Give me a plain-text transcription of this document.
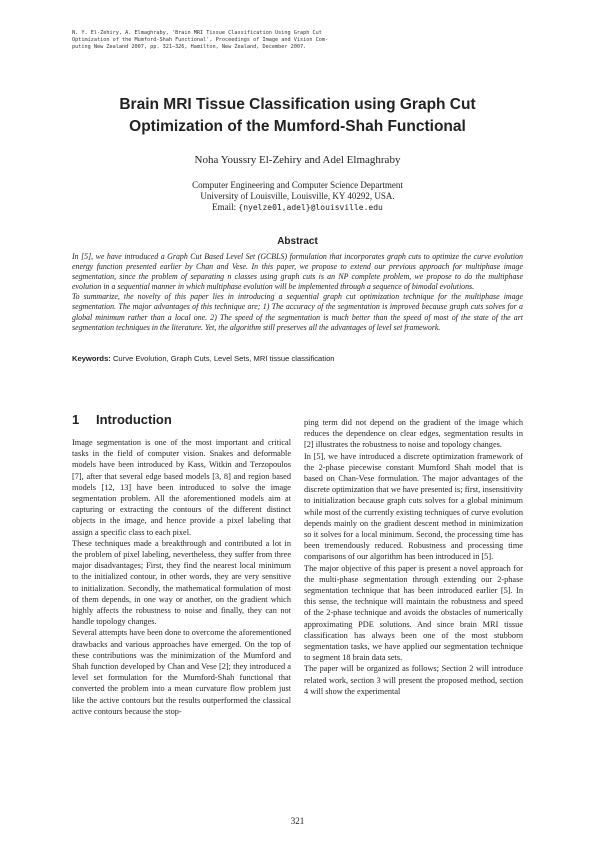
N. Y. El-Zehiry, A. Elmaghraby, 'Brain MRI Tissue Classification Using Graph Cut
Optimization of the Mumford-Shah Functional', Proceedings of Image and Vision Com-
puting New Zealand 2007, pp. 321–326, Hamilton, New Zealand, December 2007.
Brain MRI Tissue Classification using Graph Cut
Optimization of the Mumford-Shah Functional
Noha Youssry El-Zehiry and Adel Elmaghraby
Computer Engineering and Computer Science Department
University of Louisville, Louisville, KY 40292, USA.
Email: {nyelze01,adel}@louisville.edu
Abstract

In [5], we have introduced a Graph Cut Based Level Set (GCBLS) formulation that incorporates graph cuts to optimize the curve evolution energy function presented earlier by Chan and Vese. In this paper, we propose to extend our previous approach for multiphase image segmentation, since the problem of separating n classes using graph cuts is an NP complete problem, we propose to do the multiphase evolution in a sequential manner in which multiphase evolution will be implemented through a sequence of bimodal evolutions.

To summarize, the novelty of this paper lies in introducing a sequential graph cut optimization technique for the multiphase image segmentation. The major advantages of this technique are; 1) The accuracy of the segmentation is improved because graph cuts solves for a global minimum rather than a local one. 2) The speed of the segmentation is much better than the speed of most of the state of the art segmentation techniques in the literature. Yet, the algorithm still preserves all the advantages of level set framework.

Keywords: Curve Evolution, Graph Cuts, Level Sets, MRI tissue classification
1 Introduction

Image segmentation is one of the most important and critical tasks in the field of computer vision. Snakes and deformable models have been introduced by Kass, Witkin and Terzopoulos [7], after that several edge based models [3, 8] and region based models [12, 13] have been introduced to solve the image segmentation problem. All the aforementioned models aim at capturing or extracting the contours of the different distinct objects in the image, and hence provide a pixel labeling that assign a specific class to each pixel.

These techniques made a breakthrough and contributed a lot in the problem of pixel labeling, nevertheless, they suffer from three major disadvantages; First, they find the nearest local minimum to the initialized contour, in other words, they are very sensitive to initialization. Secondly, the mathematical formulation of most of them depends, in one way or another, on the gradient which highly affects the robustness to noise and finally, they can not handle topology changes.

Several attempts have been done to overcome the aforementioned drawbacks and various approaches have emerged. On the top of these contributions was the minimization of the Mumford and Shah function developed by Chan and Vese [2]; they introduced a level set formulation for the Mumford-Shah functional that converted the problem into a mean curvature flow problem just like the active contours but the results outperformed the classical active contours because the stop-

ping term did not depend on the gradient of the image which reduces the dependence on clear edges, segmentation results in [2] illustrates the robustness to noise and topology changes.

In [5], we have introduced a discrete optimization framework of the 2-phase piecewise constant Mumford Shah model that is based on Chan-Vese formulation. The major advantages of the discrete optimization that we have presented is; first, insensitivity to initialization because graph cuts solves for a global minimum while most of the currently existing techniques of curve evolution depends mainly on the gradient descent method in minimization so it solves for a local minimum. Second, the processing time has been tremendously reduced. Robustness and processing time comparisons of our algorithm has been introduced in [5].

The major objective of this paper is present a novel approach for the multi-phase segmentation through extending our 2-phase segmentation technique that has been introduced earlier [5]. In this sense, the technique will maintain the robustness and speed of the 2-phase technique and avoids the obstacles of numerically approximating PDE solutions. And since brain MRI tissue classification has always been one of the most stubborn segmentation tasks, we have applied our segmentation technique to segment 18 brain data sets.

The paper will be organized as follows; Section 2 will introduce related work, section 3 will present the proposed method, section 4 will show the experimental

321
